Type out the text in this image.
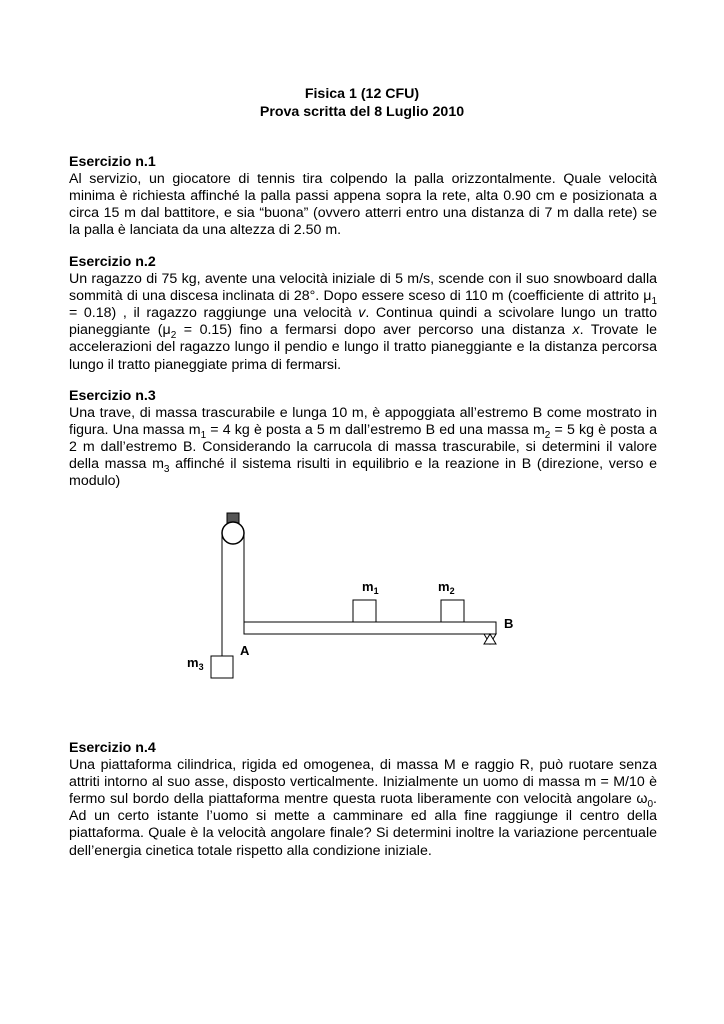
Fisica 1 (12 CFU)
Prova scritta del 8 Luglio 2010
Esercizio n.1

Al servizio, un giocatore di tennis tira colpendo la palla orizzontalmente. Quale velocità minima è richiesta affinché la palla passi appena sopra la rete, alta 0.90 cm e posizionata a circa 15 m dal battitore, e sia “buona” (ovvero atterri entro una distanza di 7 m dalla rete) se la palla è lanciata da una altezza di 2.50 m.

Esercizio n.2

Un ragazzo di 75 kg, avente una velocità iniziale di 5 m/s, scende con il suo snowboard dalla sommità di una discesa inclinata di 28°. Dopo essere sceso di 110 m (coefficiente di attrito $\mu_1 = 0.18$) , il ragazzo raggiunge una velocità v. Continua quindi a scivolare lungo un tratto pianeggiante $(\mu_2 = 0.15)$ fino a fermarsi dopo aver percorso una distanza x. Trovate le accelerazioni del ragazzo lungo il pendio e lungo il tratto pianeggiante e la distanza percorsa lungo il tratto pianeggiate prima di fermarsi.

Esercizio n.3

Una trave, di massa trascurabile e lunga 10 m, è appoggiata all’estremo B come mostrato in figura. Una massa $m_1 = 4$ kg è posta a 5 m dall’estremo B ed una massa $m_2 = 5$ kg è posta a 2 m dall’estremo B. Considerando la carrucola di massa trascurabile, si determini il valore della massa $m_3$ affinché il sistema risulti in equilibrio e la reazione in B (direzione, verso e modulo)

$m_1$	$m_2$
$m_3$
A
B
Esercizio n.4

Una piattaforma cilindrica, rigida ed omogenea, di massa M e raggio R, può ruotare senza attriti intorno al suo asse, disposto verticalmente. Inizialmente un uomo di massa m = M/10 è fermo sul bordo della piattaforma mentre questa ruota liberamente con velocità angolare $\omega_0$. Ad un certo istante l’uomo si mette a camminare ed alla fine raggiunge il centro della piattaforma. Quale è la velocità angolare finale? Si determini inoltre la variazione percentuale dell’energia cinetica totale rispetto alla condizione iniziale.
